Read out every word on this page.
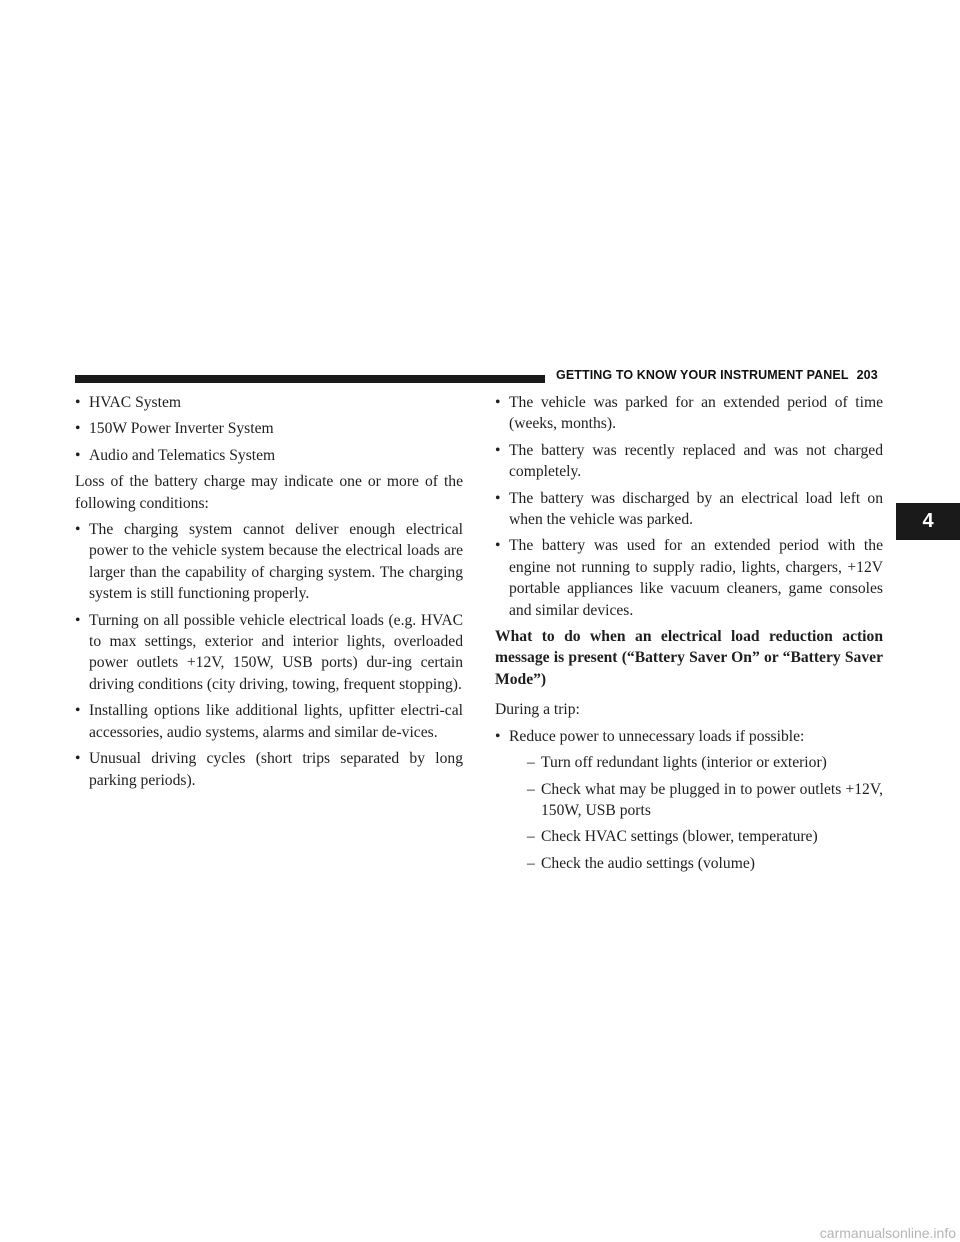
GETTING TO KNOW YOUR INSTRUMENT PANEL 203
4
• HVAC System
• 150W Power Inverter System
• Audio and Telematics System

Loss of the battery charge may indicate one or more of the following conditions:

• The charging system cannot deliver enough electrical power to the vehicle system because the electrical loads are larger than the capability of charging system. The charging system is still functioning properly.
• Turning on all possible vehicle electrical loads (e.g. HVAC to max settings, exterior and interior lights, overloaded power outlets +12V, 150W, USB ports) dur-ing certain driving conditions (city driving, towing, frequent stopping).
• Installing options like additional lights, upfitter electri-cal accessories, audio systems, alarms and similar de-vices.
• Unusual driving cycles (short trips separated by long parking periods).
• The vehicle was parked for an extended period of time (weeks, months).
• The battery was recently replaced and was not charged completely.
• The battery was discharged by an electrical load left on when the vehicle was parked.
• The battery was used for an extended period with the engine not running to supply radio, lights, chargers, +12V portable appliances like vacuum cleaners, game consoles and similar devices.

What to do when an electrical load reduction action message is present (“Battery Saver On” or “Battery Saver Mode”)

During a trip:

• Reduce power to unnecessary loads if possible:
– Turn off redundant lights (interior or exterior)
– Check what may be plugged in to power outlets +12V, 150W, USB ports
– Check HVAC settings (blower, temperature)
– Check the audio settings (volume)
carmanualsonline.info
